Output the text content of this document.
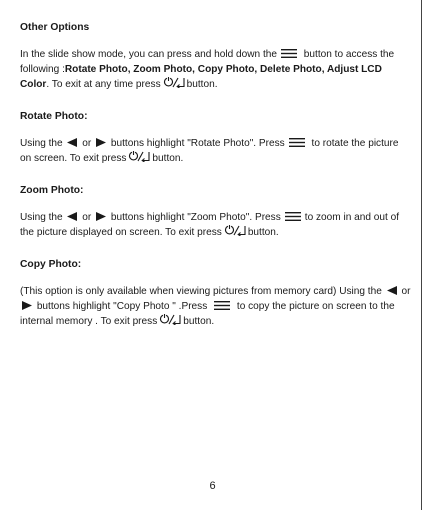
Other Options

In the slide show mode, you can press and hold down the button to access the following :Rotate Photo, Zoom Photo, Copy Photo, Delete Photo, Adjust LCD Color. To exit at any time press	button.

Rotate Photo:

Using the or buttons highlight "Rotate Photo". Press	to rotate the picture on screen. To exit press	button.

Zoom Photo:

Using the or buttons highlight "Zoom Photo". Press to zoom in and out of the picture displayed on screen. To exit press	button.

Copy Photo:

(This option is only available when viewing pictures from memory card) Using the or  buttons highlight "Copy Photo " .Press	to copy the picture on screen to the internal memory . To exit press	button.

6
